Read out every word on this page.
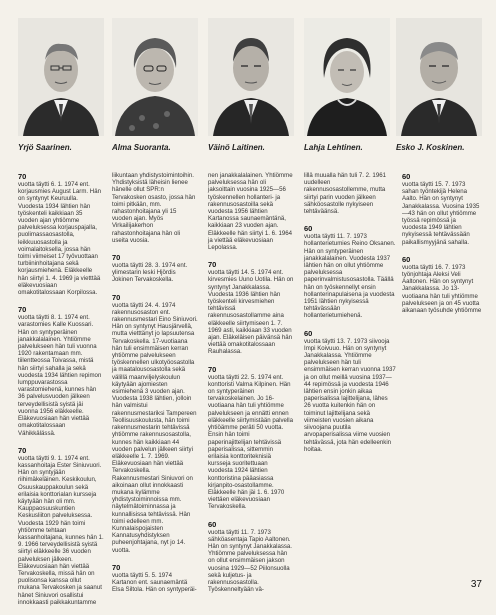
Yrjö Saarinen.	Alma Suoranta.	Väinö Laitinen.	Lahja Lehtinen.	Esko J. Koskinen.
70
vuotta täytti 6. 1. 1974 ent. korjausmies August Larm. Hän on syntynyt Keuruulla. Vuodesta 1934 lähtien hän työskenteli kaikkiaan 35 vuoden ajan yhtiömme palveluksessa korjauspajalla, puolimassaosastolla, leikkuuosastolla ja voimalaitoksella, jossa hän toimi viimeiset 17 työvuottaan turbiininhoitajana sekä korjausmiehenä. Eläkkeelle hän siirtyi 1. 4. 1969 ja vietttää eläkevuosiaan omakotitalossaan Korpilossa.
70
vuotta täytti 8. 1. 1974 ent. varastomies Kalle Kuossari. Hän on syntyperäinen janakkalalainen. Yhtiömme palvelukseen hän tuli vuonna 1920 rakentamaan mm. tiilentteossa Toivassa, mistä hän siirtyi sahalla ja sekä vuodesta 1934 lähtien repimon lumppuvarastossa varastomiehenä, kunnes hän 36 palvelusvuoden jälkeen terveydellisistä syistä jäi vuonna 1956 eläkkeelle. Eläkevuosiaan hän viettää omakotitalossaan Vähikkälässä.
70
vuotta täytti 9. 1. 1974 ent. kassanhoitaja Ester Siniuvuori. Hän on syntyjään riihimäkeläinen. Keskikoulun, Osuuskauppakoulun sekä erilaisia konttorialan kursseja käytyään hän oli mm. Kauppaosuuskuntien Keskusliiton palveluksessa. Vuodesta 1929 hän toimi yhtiömme tehtaan kassanhoitajana, kunnes hän 1. 9. 1966 terveydellisistä syistä siirtyi eläkkeelle 36 vuoden palveluksen jälkeen. Eläkevuosiaan hän viettää Tervakoskella, missä hän on puolisonsa kanssa ollut mukana Tervakosken ja saanut hänet Siniuvori osallistui innokkaasti paikkakuntamme
liikuntaan yhdistystoimintoihin. Yhdistyksistä läheisin lienee hänelle ollut SPR:n Tervakosken osasto, jossa hän toimi pitkään, mm. rahastonhoitajana yli 15 vuoden ajan. Myös Virkailijakerhon rahastonhoitajana hän oli useita vuosia.
70
vuotta täytti 28. 3. 1974 ent. ylimestarin leski Hjördis Jokinen Tervakoskella.
70
vuotta täytti 24. 4. 1974 rakennusosaston ent. rakennusmestari Eino Siniuvori. Hän on syntynyt Hausjärvellä, mutta vietttänyt jo lapsuutensa Tervakoskella. 17-vuotiaana hän tuli ensimmäisen kerran yhtiömme palvelukseen työskennellen ulkotyöosastolla ja maatalousosastolla sekä välillä maanviljelyskoulun käytyään ajomiesten esimiehenä 3 vuoden ajan. Vuodesta 1938 lähtien, jolloin hän valmistui rakennusmestariksi Tampereen Teollisuuskoulusta, hän toimi rakennusmestarin tehtävissä yhtiömme rakennusosastolla, kunnes hän kaikkiaan 44 vuoden palvelun jälkeen siirtyi eläkkeelle 1. 7. 1969. Eläkevuosiaan hän viettää Tervakoskella. Rakennusmestari Siniuvori on aikoinaan ollut innokkaasti mukana kylämme yhdistystoiminnoissa mm. näytelmätoiminnassa ja kunnallisissa tehtävissä. Hän toimi edelleen mm. Kunnalaispojaisten Kannatusyhdistyksen puheenjohtajana, nyt jo 14. vuotta.
70
vuotta täytti 5. 5. 1974 Kartanon ent. saunaemäntä Elsa Siltola. Hän on syntyperäi-
nen janakkalalainen. Yhtiömme palveluksessa hän oli jaksoittain vuosina 1925—56 työskennellen hollanteri- ja rakennusosastoilla sekä vuodesta 1956 lähtien Kartanossa saunaemäntänä, kaikkiaan 23 vuoden ajan. Eläkkeelle hän siirtyi 1. 6. 1964 ja viettää eläkevuosiaan Lepolassa.
70
vuotta täytti 14. 5. 1974 ent. kirvesmies Uuno Uotila. Hän on syntynyt Janakkalassa. Vuodesta 1936 lähtien hän työskenteli kirvesmiehen tehtävissä rakennusosastollamme aina eläkkeelle siirtymiseen 1. 7. 1969 asti, kaikkiaan 33 vuoden ajan. Eläkeläisen päivänsä hän viettää omakotitalossaan Rauhalassa.
70
vuotta täytti 22. 5. 1974 ent. konttoristi Valma Kilpinen. Hän on syntyperäinen tervakoskelainen. Jo 16-vuotiaana hän tuli yhtiömme palvelukseen ja ennätti ennen eläkkeelle siirtymistään palvella yhtiöämme peräti 50 vuotta. Ensin hän toimi paperinajittelijan tehtävissä paperisalissa, sittemmin erilaisia konttoriteknisiä kursseja suoritettuaan vuodesta 1924 lähtien konttoristina pääasiassa kirjanpito-osastollamme. Eläkkeelle hän jäi 1. 6. 1970 viettäen eläkevuosiaan Tervakoskella.
60
vuotta täytti 11. 7. 1973 sähköasentaja Tapio Aaltonen. Hän on syntynyt Janakkalassa. Yhtiömme palveluksessa hän on ollut ensimmäisen jakson vuosina 1929—52 Piilonsuolla sekä kuljetus- ja rakennusosastolla. Työskenneltyään vä-
lillä muualla hän tuli 7. 2. 1961 uudelleen rakennusosastollemme, mutta siirtyi parin vuoden jälkeen sähköosastolle nykyiseen tehtäväänsä.
60
vuotta täytti 11. 7. 1973 hollanterietumies Reino Oksanen. Hän on syntyperäinen janakkalalainen. Vuodesta 1937 lähtien hän on ollut yhtiömme palveluksessa paperinvalmistusosastolla. Täällä hän on työskennellyt ensin hollanterinapulaisena ja vuodesta 1951 lähtien nykyisessä tehtävässään hollanterietumiehenä.
60
vuotta täytti 13. 7. 1973 siivooja Impi Koivuuo. Hän on syntynyt Janakkalassa. Yhtiömme palvelukseen hän tuli ensimmäisen kerran vuonna 1937 ja on ollut meillä vuosina 1937—44 repimössä ja vuodesta 1946 lähtien ensin jonkin aikaa paperisalissa lajittelijana, lähes 26 vuotta kuitenkin hän on toiminut lajittelijana sekä viimeisten vuosien aikana siivoojana puutila arvopaperisalissa viime vuosien tehtävässä, jota hän edelleenkin hoitaa.
60
vuotta täytti 15. 7. 1973 sahan työntekijä Helena Aalto. Hän on syntynyt Janakkalassa. Vuosina 1935—43 hän on ollut yhtiömme työssä repimössä ja vuodesta 1949 lähtien nykyisessä tehtävässään paikallismyyjänä sahalla.
60
vuotta täytti 16. 7. 1973 työnjohtaja Aleksi Veli Aaltonen. Hän on syntynyt Janakkalassa. Jo 13-vuotiaana hän tuli yhtiömme palvelukseen ja on 45 vuotta aikanaan työsuhde yhtiömme
37
